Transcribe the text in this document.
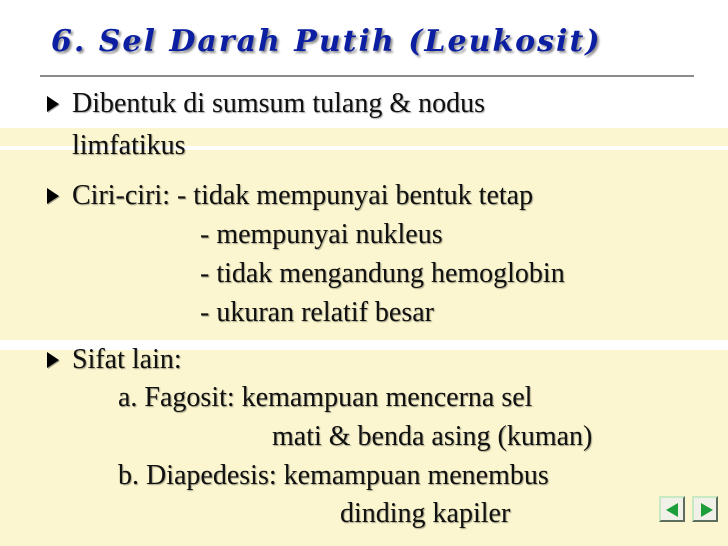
6. Sel Darah Putih (Leukosit)
Dibentuk di sumsum tulang & nodus
limfatikus
Ciri-ciri: - tidak mempunyai bentuk tetap
- mempunyai nukleus
- tidak mengandung hemoglobin
- ukuran relatif besar
Sifat lain:
a. Fagosit: kemampuan mencerna sel
mati & benda asing (kuman)
b. Diapedesis: kemampuan menembus
dinding kapiler
